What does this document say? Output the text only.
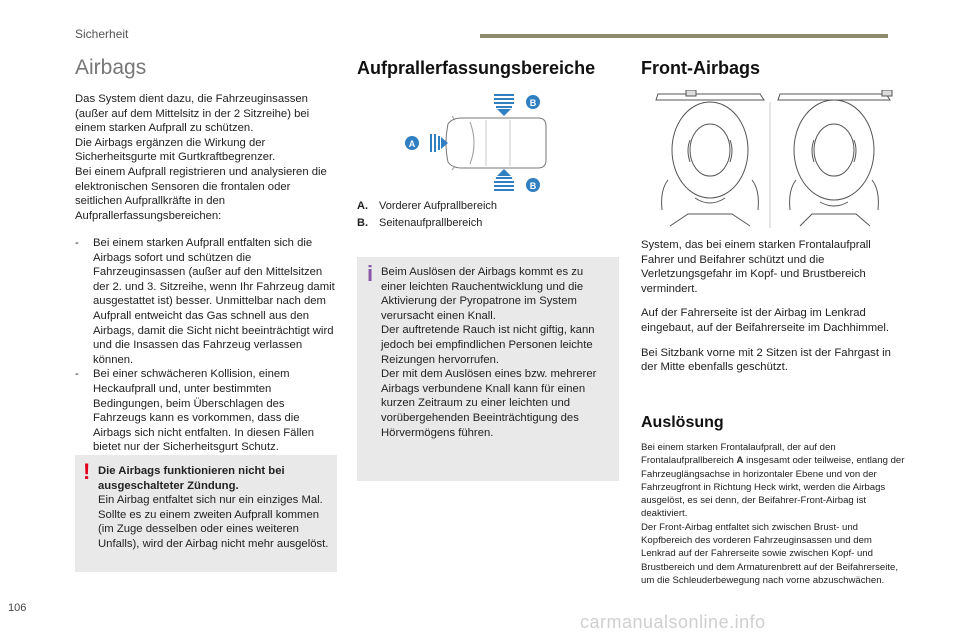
Sicherheit
Airbags

Das System dient dazu, die Fahrzeuginsassen (außer auf dem Mittelsitz in der 2 Sitzreihe) bei einem starken Aufprall zu schützen.

Die Airbags ergänzen die Wirkung der Sicherheitsgurte mit Gurtkraftbegrenzer.

Bei einem Aufprall registrieren und analysieren die elektronischen Sensoren die frontalen oder seitlichen Aufprallkräfte in den Aufprallerfassungsbereichen:

- Bei einem starken Aufprall entfalten sich die Airbags sofort und schützen die Fahrzeuginsassen (außer auf den Mittelsitzen der 2. und 3. Sitzreihe, wenn Ihr Fahrzeug damit ausgestattet ist) besser. Unmittelbar nach dem Aufprall entweicht das Gas schnell aus den Airbags, damit die Sicht nicht beeinträchtigt wird und die Insassen das Fahrzeug verlassen können.
- Bei einer schwächeren Kollision, einem Heckaufprall und, unter bestimmten Bedingungen, beim Überschlagen des Fahrzeugs kann es vorkommen, dass die Airbags sich nicht entfalten. In diesen Fällen bietet nur der Sicherheitsgurt Schutz.
! Die Airbags funktionieren nicht bei ausgeschalteter Zündung.

Ein Airbag entfaltet sich nur ein einziges Mal. Sollte es zu einem zweiten Aufprall kommen (im Zuge desselben oder eines weiteren Unfalls), wird der Airbag nicht mehr ausgelöst.

Aufprallerfassungsbereiche
A
B
B
A.	Vorderer Aufprallbereich
B.	Seitenaufprallbereich
i Beim Auslösen der Airbags kommt es zu einer leichten Rauchentwicklung und die Aktivierung der Pyropatrone im System verursacht einen Knall.
Der auftretende Rauch ist nicht giftig, kann jedoch bei empfindlichen Personen leichte Reizungen hervorrufen.
Der mit dem Auslösen eines bzw. mehrerer Airbags verbundene Knall kann für einen kurzen Zeitraum zu einer leichten und vorübergehenden Beeinträchtigung des Hörvermögens führen.
Front-Airbags

System, das bei einem starken Frontalaufprall Fahrer und Beifahrer schützt und die Verletzungsgefahr im Kopf- und Brustbereich vermindert.

Auf der Fahrerseite ist der Airbag im Lenkrad eingebaut, auf der Beifahrerseite im Dachhimmel.

Bei Sitzbank vorne mit 2 Sitzen ist der Fahrgast in der Mitte ebenfalls geschützt.

Auslösung

Bei einem starken Frontalaufprall, der auf den Frontalaufprallbereich A insgesamt oder teilweise, entlang der Fahrzeuglängsachse in horizontaler Ebene und von der Fahrzeugfront in Richtung Heck wirkt, werden die Airbags ausgelöst, es sei denn, der Beifahrer-Front-Airbag ist deaktiviert.

Der Front-Airbag entfaltet sich zwischen Brust- und Kopfbereich des vorderen Fahrzeuginsassen und dem Lenkrad auf der Fahrerseite sowie zwischen Kopf- und Brustbereich und dem Armaturenbrett auf der Beifahrerseite, um die Schleuderbewegung nach vorne abzuschwächen.

106
carmanualsonline.info
